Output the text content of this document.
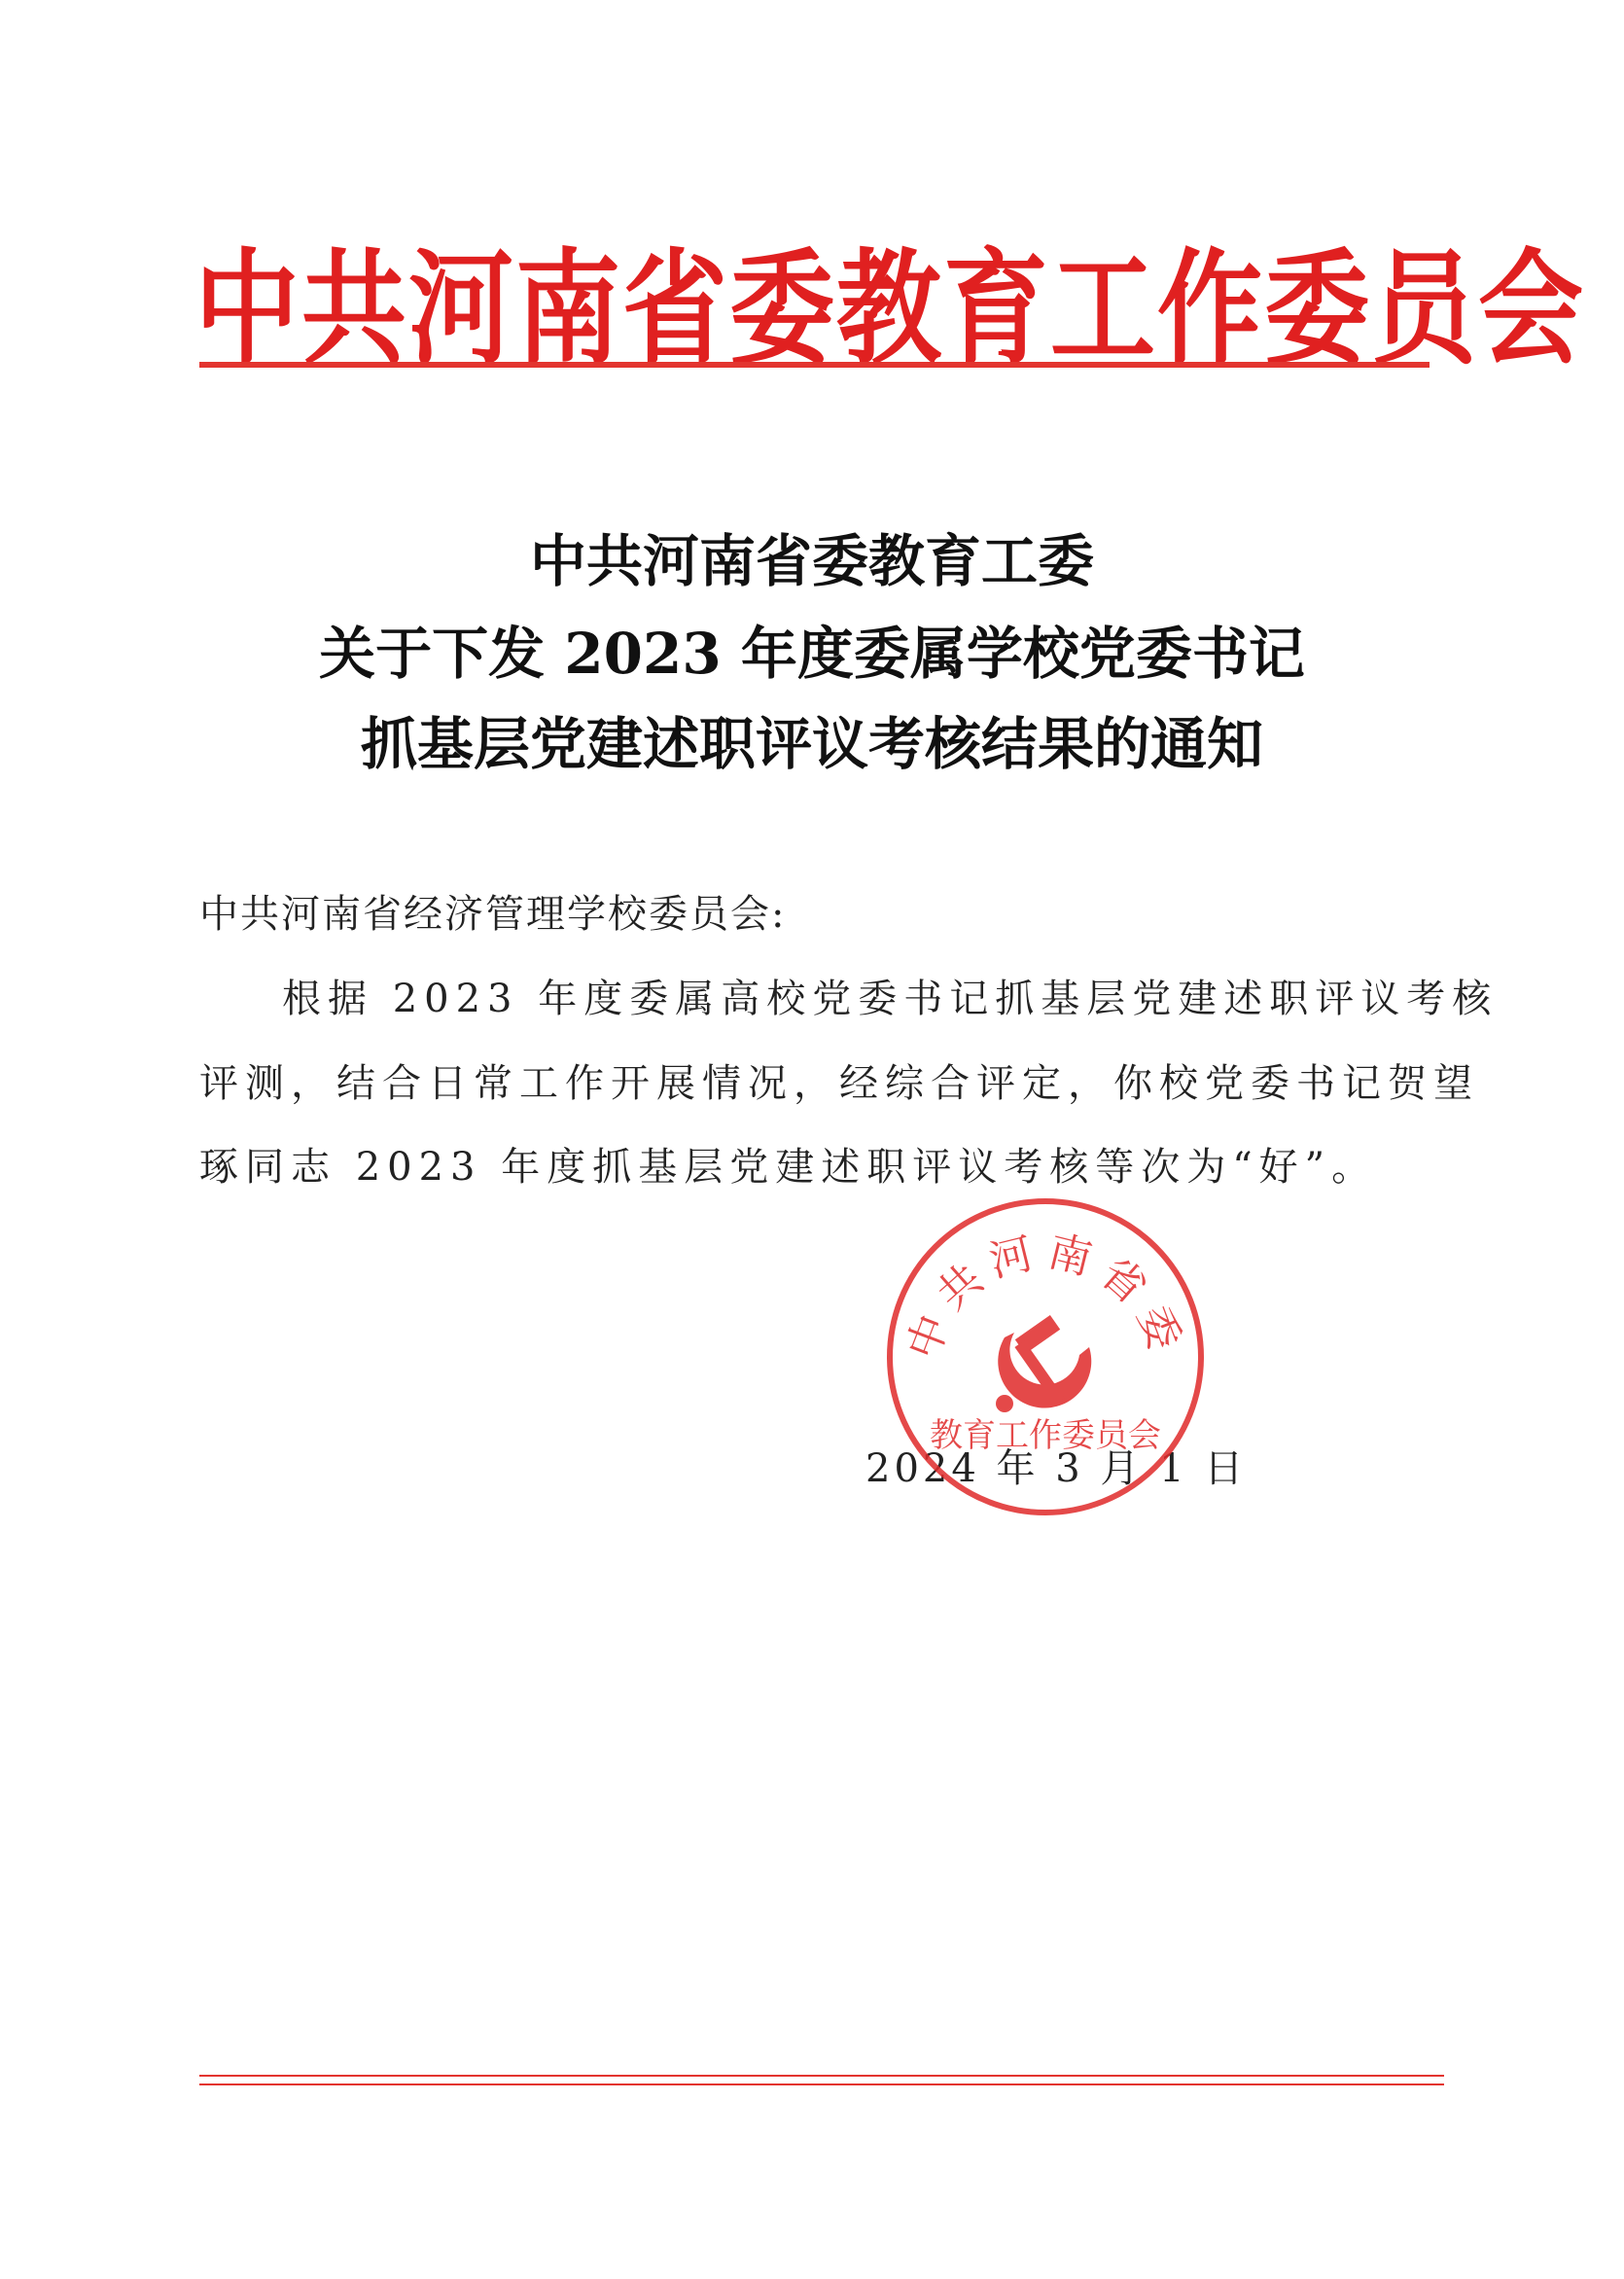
中共河南省委教育工作委员会
中共河南省委教育工委
关于下发 2023 年度委属学校党委书记
抓基层党建述职评议考核结果的通知
中共河南省经济管理学校委员会:
根据 2023 年度委属高校党委书记抓基层党建述职评议考核
评测，结合日常工作开展情况，经综合评定，你校党委书记贺望
琢同志 2023 年度抓基层党建述职评议考核等次为“好”。
中共河南省委
教育工作委员会
2024 年 3 月 1 日
